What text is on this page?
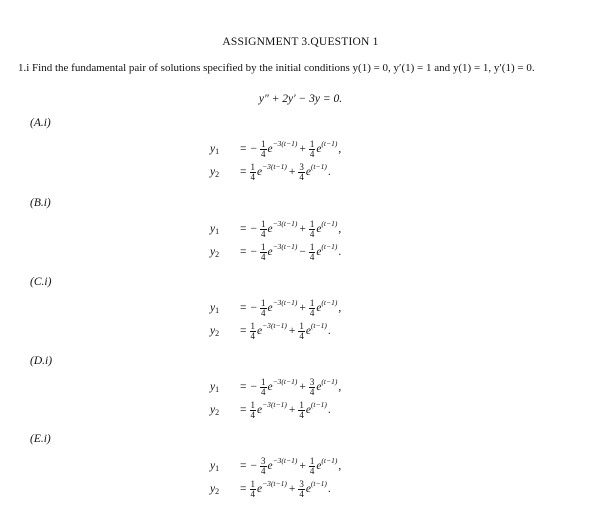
ASSIGNMENT 3.QUESTION 1
1.i Find the fundamental pair of solutions specified by the initial conditions y(1) = 0, y′(1) = 1 and y(1) = 1, y′(1) = 0.
y″ + 2y′ − 3y = 0.
(A.i)
$y_1$	= − $\frac{1}{4} e^{-3(t-1)} + \frac{1}{4} e^{(t-1)}$ ,
$y_2$	= $\frac{1}{4} e^{-3(t-1)} + \frac{3}{4} e^{(t-1)}$ .
(B.i)
$y_1$	= − $\frac{1}{4} e^{-3(t-1)} + \frac{1}{4} e^{(t-1)}$ ,
$y_2$	= − $\frac{1}{4} e^{-3(t-1)} - \frac{1}{4} e^{(t-1)}$ .
(C.i)
$y_1$	= − $\frac{1}{4} e^{-3(t-1)} + \frac{1}{4} e^{(t-1)}$ ,
$y_2$	= $\frac{1}{4} e^{-3(t-1)} + \frac{1}{4} e^{(t-1)}$ .
(D.i)
$y_1$	= − $\frac{1}{4} e^{-3(t-1)} + \frac{3}{4} e^{(t-1)}$ ,
$y_2$	= $\frac{1}{4} e^{-3(t-1)} + \frac{1}{4} e^{(t-1)}$ .
(E.i)
$y_1$	= − $\frac{3}{4} e^{-3(t-1)} + \frac{1}{4} e^{(t-1)}$ ,
$y_2$	= $\frac{1}{4} e^{-3(t-1)} + \frac{3}{4} e^{(t-1)}$ .
